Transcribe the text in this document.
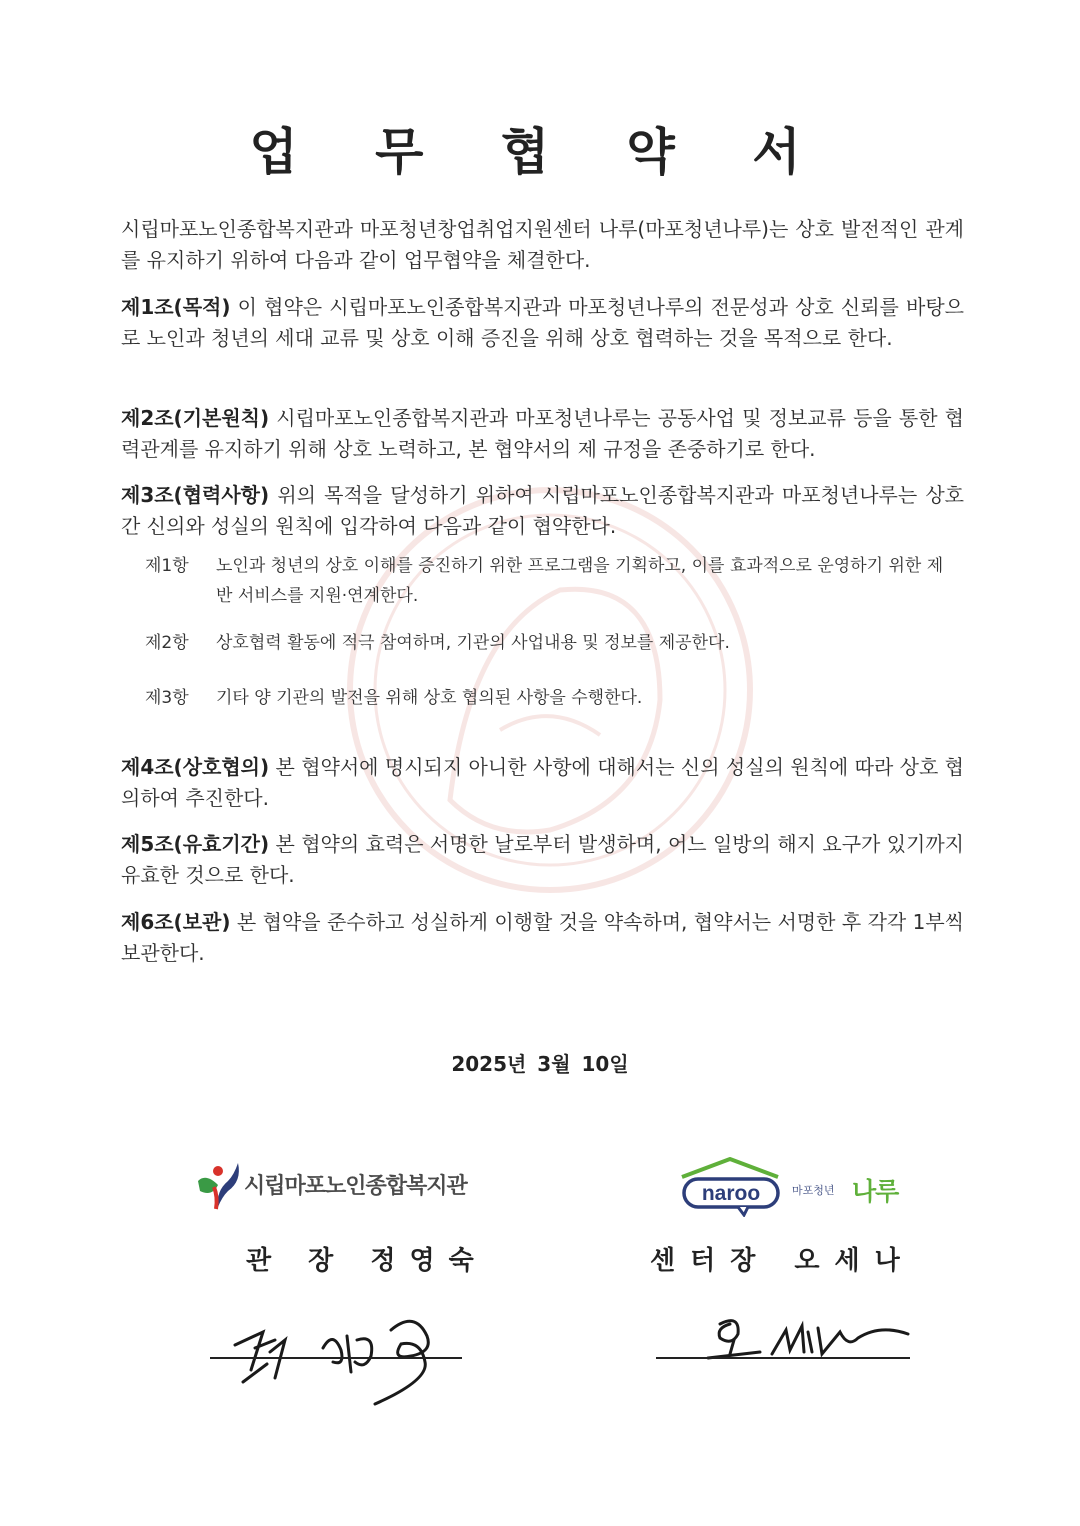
업 무 협 약 서
시립마포노인종합복지관과 마포청년창업취업지원센터 나루(마포청년나루)는 상호 발전적인 관계를 유지하기 위하여 다음과 같이 업무협약을 체결한다.
제1조(목적) 이 협약은 시립마포노인종합복지관과 마포청년나루의 전문성과 상호 신뢰를 바탕으로 노인과 청년의 세대 교류 및 상호 이해 증진을 위해 상호 협력하는 것을 목적으로 한다.
제2조(기본원칙) 시립마포노인종합복지관과 마포청년나루는 공동사업 및 정보교류 등을 통한 협력관계를 유지하기 위해 상호 노력하고, 본 협약서의 제 규정을 존중하기로 한다.
제3조(협력사항) 위의 목적을 달성하기 위하여 시립마포노인종합복지관과 마포청년나루는 상호간 신의와 성실의 원칙에 입각하여 다음과 같이 협약한다.
제1항	노인과 청년의 상호 이해를 증진하기 위한 프로그램을 기획하고, 이를 효과적으로 운영하기 위한 제반 서비스를 지원·연계한다.
제2항	상호협력 활동에 적극 참여하며, 기관의 사업내용 및 정보를 제공한다.
제3항	기타 양 기관의 발전을 위해 상호 협의된 사항을 수행한다.
제4조(상호협의) 본 협약서에 명시되지 아니한 사항에 대해서는 신의 성실의 원칙에 따라 상호 협의하여 추진한다.
제5조(유효기간) 본 협약의 효력은 서명한 날로부터 발생하며, 어느 일방의 해지 요구가 있기까지 유효한 것으로 한다.
제6조(보관) 본 협약을 준수하고 성실하게 이행할 것을 약속하며, 협약서는 서명한 후 각각 1부씩 보관한다.
2025년 3월 10일
시립마포노인종합복지관	naroo	마포청년 나루
관 장 정영숙	센터장 오세나
